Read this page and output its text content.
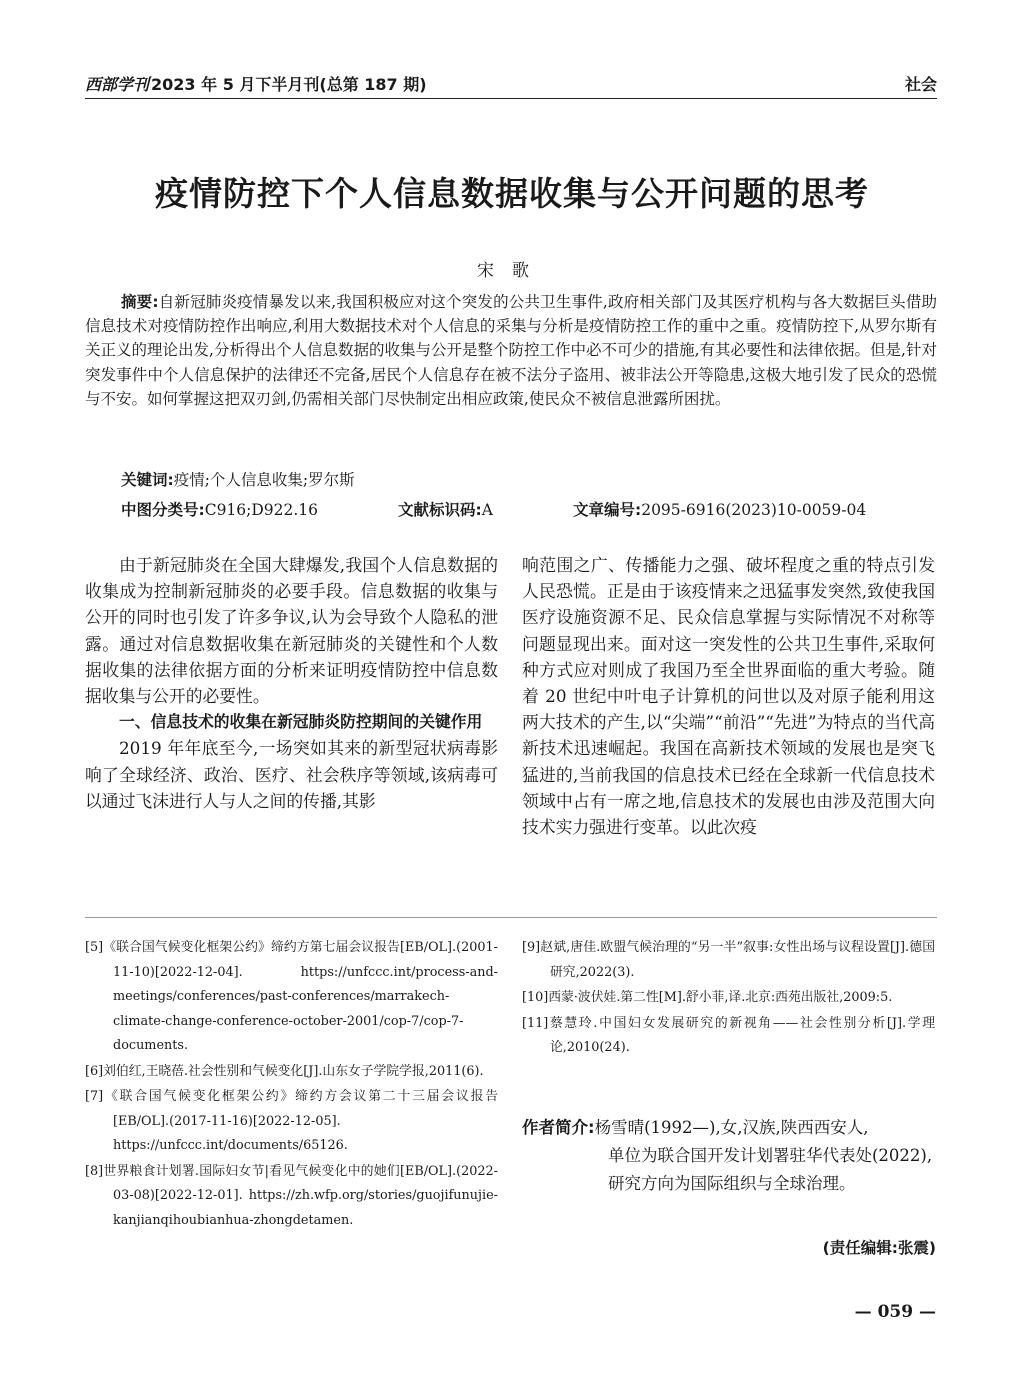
西部学刊 2023 年 5 月下半月刊(总第 187 期)	社会
疫情防控下个人信息数据收集与公开问题的思考
宋歌
摘要:自新冠肺炎疫情暴发以来,我国积极应对这个突发的公共卫生事件,政府相关部门及其医疗机构与各大数据巨头借助信息技术对疫情防控作出响应,利用大数据技术对个人信息的采集与分析是疫情防控工作的重中之重。疫情防控下,从罗尔斯有关正义的理论出发,分析得出个人信息数据的收集与公开是整个防控工作中必不可少的措施,有其必要性和法律依据。但是,针对突发事件中个人信息保护的法律还不完备,居民个人信息存在被不法分子盗用、被非法公开等隐患,这极大地引发了民众的恐慌与不安。如何掌握这把双刃剑,仍需相关部门尽快制定出相应政策,使民众不被信息泄露所困扰。
关键词:疫情;个人信息收集;罗尔斯
中图分类号:C916;D922.16	文献标识码:A	文章编号:2095-6916(2023)10-0059-04

由于新冠肺炎在全国大肆爆发,我国个人信息数据的收集成为控制新冠肺炎的必要手段。信息数据的收集与公开的同时也引发了许多争议,认为会导致个人隐私的泄露。通过对信息数据收集在新冠肺炎的关键性和个人数据收集的法律依据方面的分析来证明疫情防控中信息数据收集与公开的必要性。

一、信息技术的收集在新冠肺炎防控期间的关键作用

2019 年年底至今,一场突如其来的新型冠状病毒影响了全球经济、政治、医疗、社会秩序等领域,该病毒可以通过飞沫进行人与人之间的传播,其影

响范围之广、传播能力之强、破坏程度之重的特点引发人民恐慌。正是由于该疫情来之迅猛事发突然,致使我国医疗设施资源不足、民众信息掌握与实际情况不对称等问题显现出来。面对这一突发性的公共卫生事件,采取何种方式应对则成了我国乃至全世界面临的重大考验。随着 20 世纪中叶电子计算机的问世以及对原子能利用这两大技术的产生,以“尖端”“前沿”“先进”为特点的当代高新技术迅速崛起。我国在高新技术领域的发展也是突飞猛进的,当前我国的信息技术已经在全球新一代信息技术领域中占有一席之地,信息技术的发展也由涉及范围大向技术实力强进行变革。以此次疫

[5]《联合国气候变化框架公约》缔约方第七届会议报告[EB/OL].(2001-11-10)[2022-12-04]. https://unfccc.int/process-and-meetings/conferences/past-conferences/marrakech-climate-change-conference-october-2001/cop-7/cop-7-documents.

[6]刘伯红,王晓蓓.社会性别和气候变化[J].山东女子学院学报,2011(6).

[7]《联合国气候变化框架公约》缔约方会议第二十三届会议报告[EB/OL].(2017-11-16)[2022-12-05]. https://unfccc.int/documents/65126.

[8]世界粮食计划署.国际妇女节|看见气候变化中的她们[EB/OL].(2022-03-08)[2022-12-01]. https://zh.wfp.org/stories/guojifunujie-kanjianqihoubianhua-zhongdetamen.

[9]赵斌,唐佳.欧盟气候治理的“另一半”叙事:女性出场与议程设置[J].德国研究,2022(3).

[10]西蒙·波伏娃.第二性[M].舒小菲,译.北京:西苑出版社,2009:5.

[11]蔡慧玲.中国妇女发展研究的新视角——社会性别分析[J].学理论,2010(24).

作者简介:杨雪晴(1992—),女,汉族,陕西西安人,
单位为联合国开发计划署驻华代表处(2022),研究方向为国际组织与全球治理。
(责任编辑:张震)
— 059 —
